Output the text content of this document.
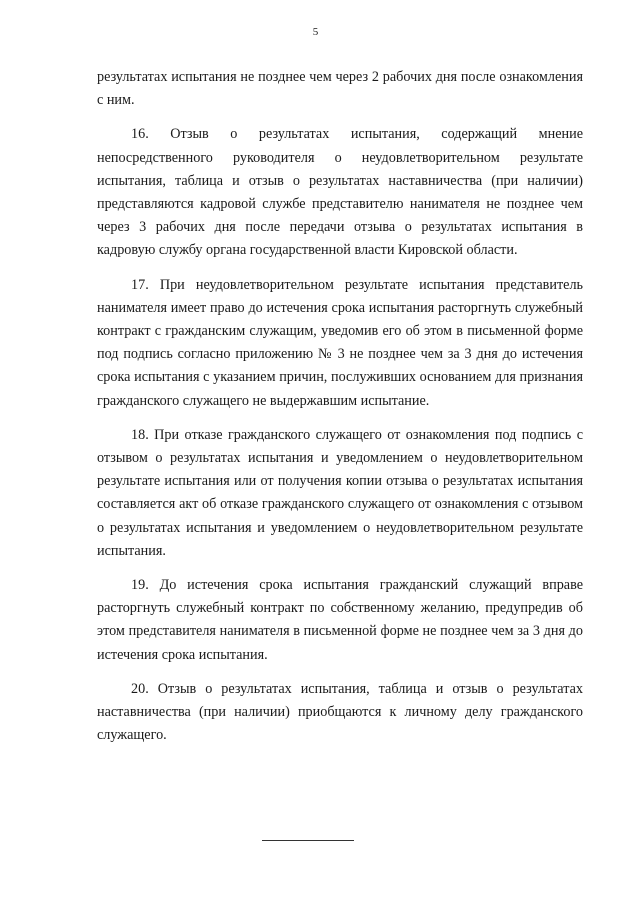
5

результатах испытания не позднее чем через 2 рабочих дня после ознакомления с ним.

16. Отзыв о результатах испытания, содержащий мнение непосредственного руководителя о неудовлетворительном результате испытания, таблица и отзыв о результатах наставничества (при наличии) представляются кадровой службе представителю нанимателя не позднее чем через 3 рабочих дня после передачи отзыва о результатах испытания в кадровую службу органа государственной власти Кировской области.

17. При неудовлетворительном результате испытания представитель нанимателя имеет право до истечения срока испытания расторгнуть служебный контракт с гражданским служащим, уведомив его об этом в письменной форме под подпись согласно приложению № 3 не позднее чем за 3 дня до истечения срока испытания с указанием причин, послуживших основанием для признания гражданского служащего не выдержавшим испытание.

18. При отказе гражданского служащего от ознакомления под подпись с отзывом о результатах испытания и уведомлением о неудовлетворительном результате испытания или от получения копии отзыва о результатах испытания составляется акт об отказе гражданского служащего от ознакомления с отзывом о результатах испытания и уведомлением о неудовлетворительном результате испытания.

19. До истечения срока испытания гражданский служащий вправе расторгнуть служебный контракт по собственному желанию, предупредив об этом представителя нанимателя в письменной форме не позднее чем за 3 дня до истечения срока испытания.

20. Отзыв о результатах испытания, таблица и отзыв о результатах наставничества (при наличии) приобщаются к личному делу гражданского служащего.
